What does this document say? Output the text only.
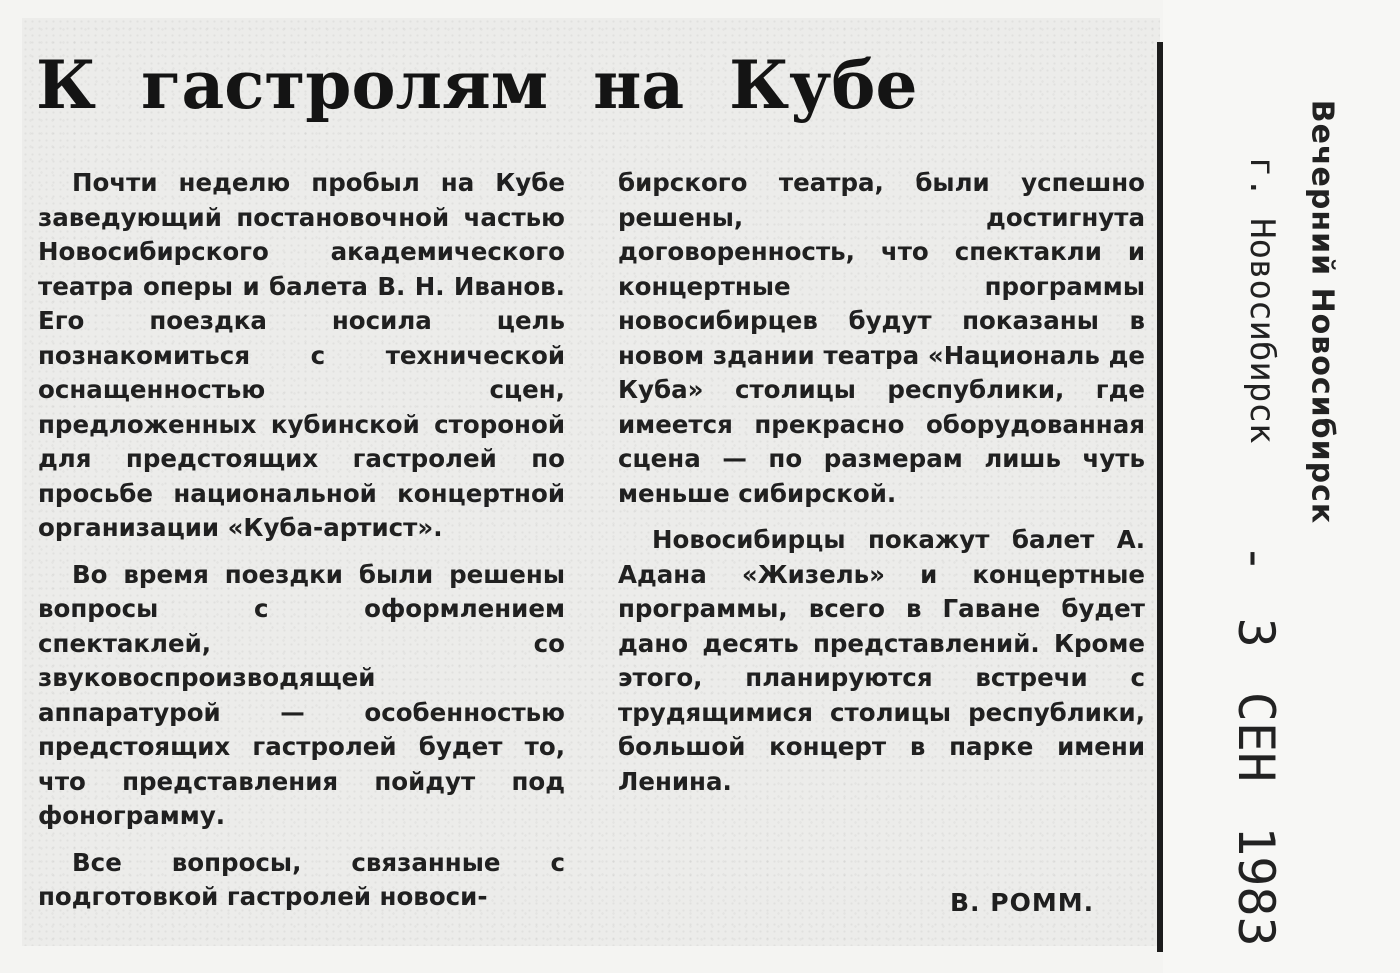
К гастролям на Кубе

Почти неделю пробыл на Кубе заведующий постановочной частью Новосибирского академического театра оперы и балета В. Н. Иванов. Его поездка носила цель познакомиться с технической оснащенностью сцен, предложенных кубинской стороной для предстоящих гастролей по просьбе национальной концертной организации «Куба-артист».

Во время поездки были решены вопросы с оформлением спектаклей, со звуковоспроизводящей аппаратурой — особенностью предстоящих гастролей будет то, что представления пойдут под фонограмму.

Все вопросы, связанные с подготовкой гастролей новоси-

бирского театра, были успешно решены, достигнута договоренность, что спектакли и концертные программы новосибирцев будут показаны в новом здании театра «Националь де Куба» столицы республики, где имеется прекрасно оборудованная сцена — по размерам лишь чуть меньше сибирской.

Новосибирцы покажут балет А. Адана «Жизель» и концертные программы, всего в Гаване будет дано десять представлений. Кроме этого, планируются встречи с трудящимися столицы республики, большой концерт в парке имени Ленина.

В. РОММ.
Вечерний Новосибирск
г. Новосибирск
- 3 СЕН 1983
